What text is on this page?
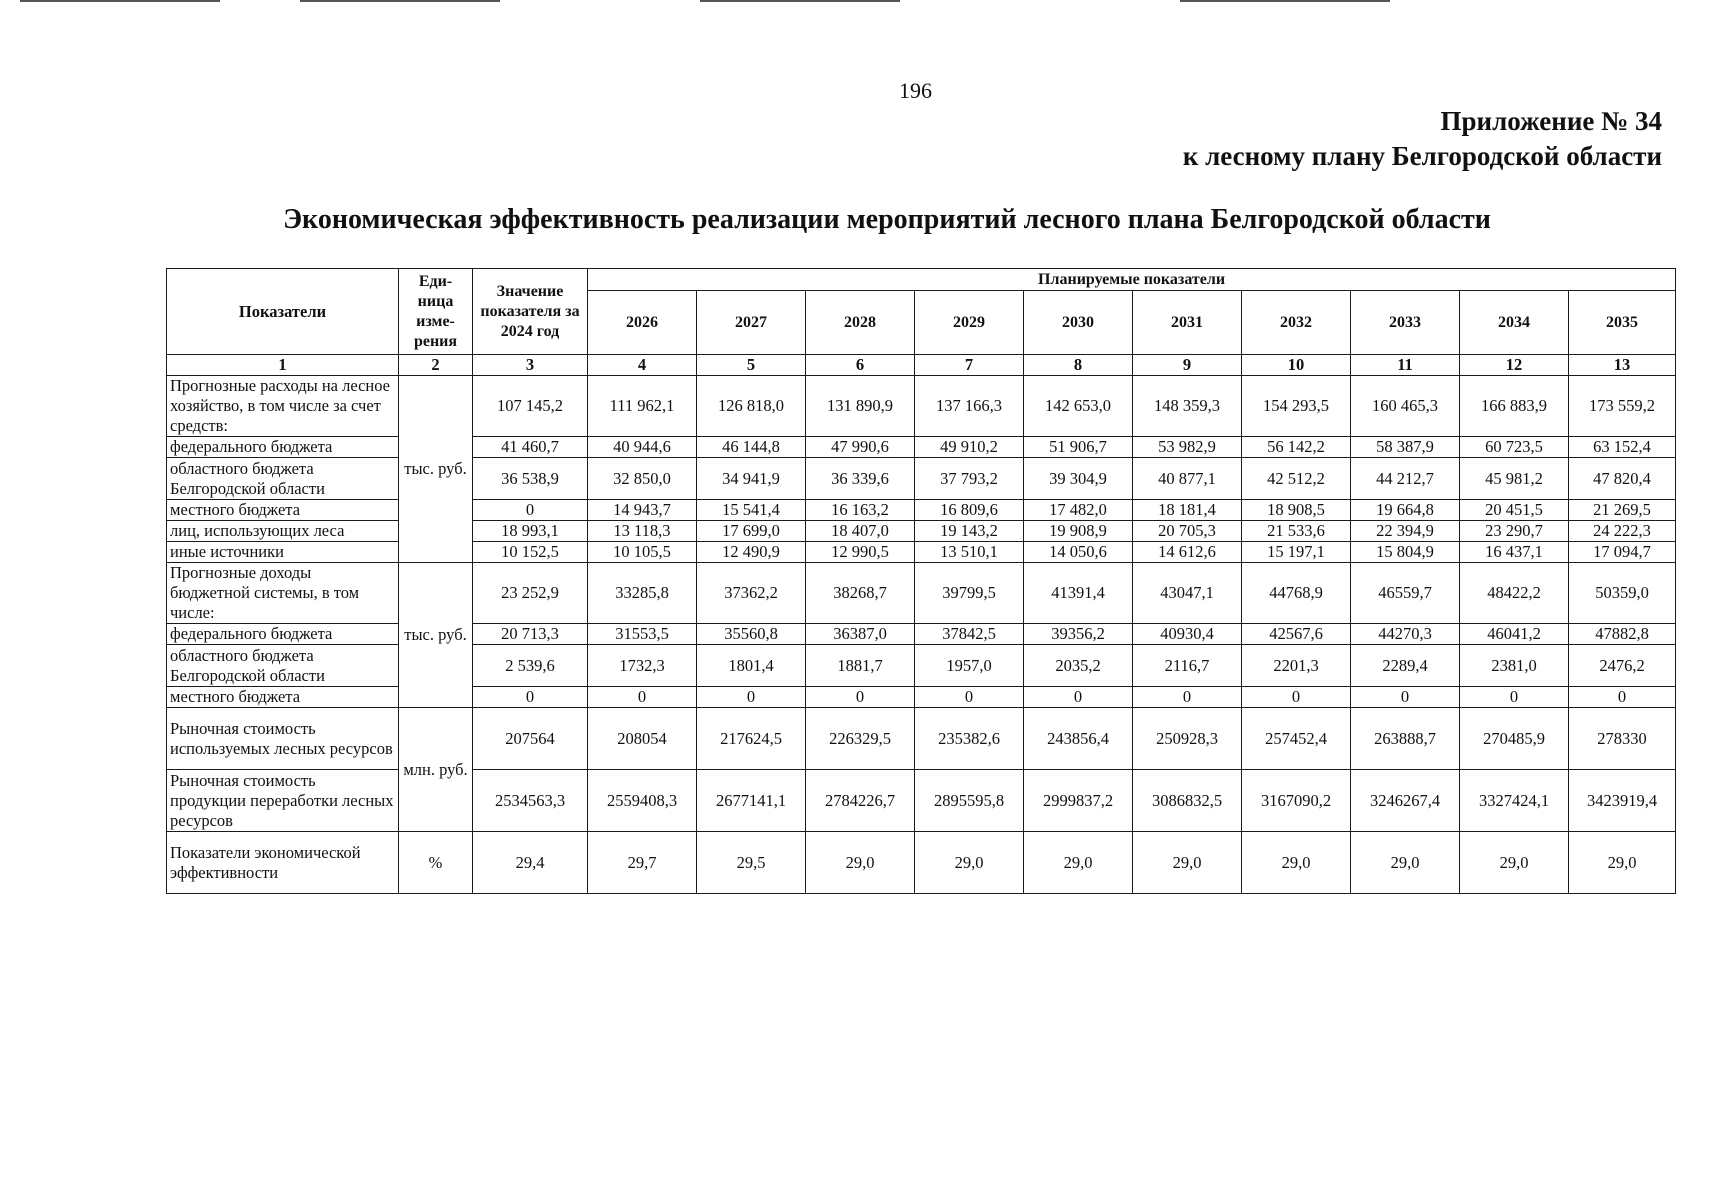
196
Приложение № 34
к лесному плану Белгородской области
Экономическая эффективность реализации мероприятий лесного плана Белгородской области
Показатели	Еди-ница изме-рения	Значение показателя за 2024 год	Планируемые показатели									
			2026	2027	2028	2029	2030	2031	2032	2033	2034	2035
1	2	3	4	5	6	7	8	9	10	11	12	13
Прогнозные расходы на лесное хозяйство, в том числе за счет средств:	тыс. руб.	107 145,2	111 962,1	126 818,0	131 890,9	137 166,3	142 653,0	148 359,3	154 293,5	160 465,3	166 883,9	173 559,2
федерального бюджета		41 460,7	40 944,6	46 144,8	47 990,6	49 910,2	51 906,7	53 982,9	56 142,2	58 387,9	60 723,5	63 152,4
областного бюджета Белгородской области		36 538,9	32 850,0	34 941,9	36 339,6	37 793,2	39 304,9	40 877,1	42 512,2	44 212,7	45 981,2	47 820,4
местного бюджета		0	14 943,7	15 541,4	16 163,2	16 809,6	17 482,0	18 181,4	18 908,5	19 664,8	20 451,5	21 269,5
лиц, использующих леса		18 993,1	13 118,3	17 699,0	18 407,0	19 143,2	19 908,9	20 705,3	21 533,6	22 394,9	23 290,7	24 222,3
иные источники		10 152,5	10 105,5	12 490,9	12 990,5	13 510,1	14 050,6	14 612,6	15 197,1	15 804,9	16 437,1	17 094,7
Прогнозные доходы бюджетной системы, в том числе:	тыс. руб.	23 252,9	33285,8	37362,2	38268,7	39799,5	41391,4	43047,1	44768,9	46559,7	48422,2	50359,0
федерального бюджета		20 713,3	31553,5	35560,8	36387,0	37842,5	39356,2	40930,4	42567,6	44270,3	46041,2	47882,8
областного бюджета Белгородской области		2 539,6	1732,3	1801,4	1881,7	1957,0	2035,2	2116,7	2201,3	2289,4	2381,0	2476,2
местного бюджета		0	0	0	0	0	0	0	0	0	0	0
Рыночная стоимость используемых лесных ресурсов	млн. руб.	207564	208054	217624,5	226329,5	235382,6	243856,4	250928,3	257452,4	263888,7	270485,9	278330
Рыночная стоимость продукции переработки лесных ресурсов		2534563,3	2559408,3	2677141,1	2784226,7	2895595,8	2999837,2	3086832,5	3167090,2	3246267,4	3327424,1	3423919,4
Показатели экономической эффективности	%	29,4	29,7	29,5	29,0	29,0	29,0	29,0	29,0	29,0	29,0	29,0
